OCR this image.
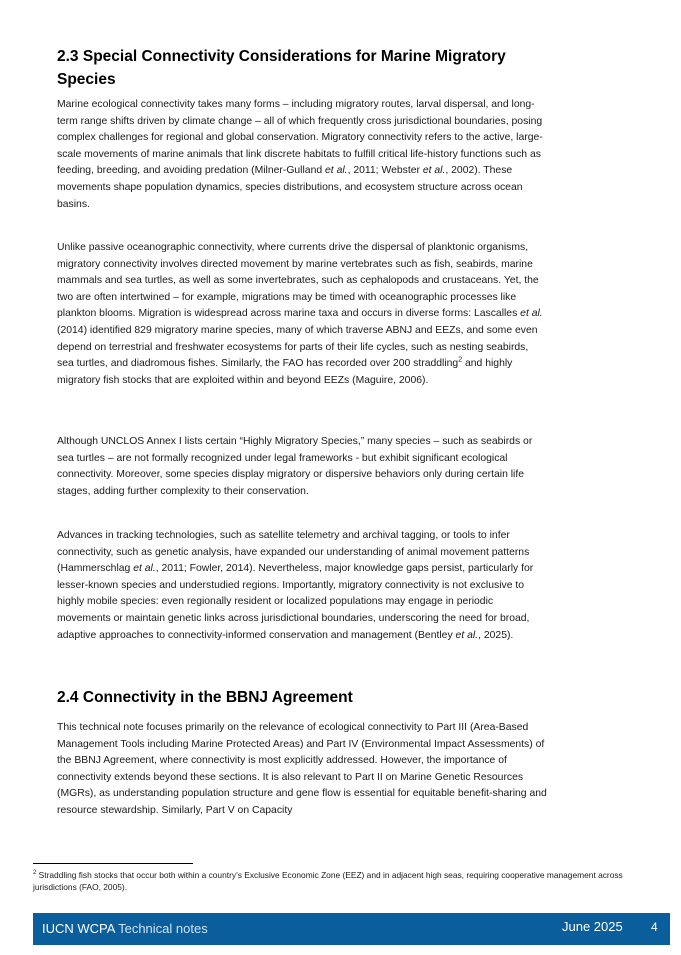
2.3 Special Connectivity Considerations for Marine Migratory Species

Marine ecological connectivity takes many forms – including migratory routes, larval dispersal, and long-term range shifts driven by climate change – all of which frequently cross jurisdictional boundaries, posing complex challenges for regional and global conservation. Migratory connectivity refers to the active, large-scale movements of marine animals that link discrete habitats to fulfill critical life-history functions such as feeding, breeding, and avoiding predation (Milner-Gulland et al., 2011; Webster et al., 2002). These movements shape population dynamics, species distributions, and ecosystem structure across ocean basins.

Unlike passive oceanographic connectivity, where currents drive the dispersal of planktonic organisms, migratory connectivity involves directed movement by marine vertebrates such as fish, seabirds, marine mammals and sea turtles, as well as some invertebrates, such as cephalopods and crustaceans. Yet, the two are often intertwined – for example, migrations may be timed with oceanographic processes like plankton blooms. Migration is widespread across marine taxa and occurs in diverse forms: Lascalles et al. (2014) identified 829 migratory marine species, many of which traverse ABNJ and EEZs, and some even depend on terrestrial and freshwater ecosystems for parts of their life cycles, such as nesting seabirds, sea turtles, and diadromous fishes. Similarly, the FAO has recorded over 200 straddling$^2$ and highly migratory fish stocks that are exploited within and beyond EEZs (Maguire, 2006).

Although UNCLOS Annex I lists certain “Highly Migratory Species,” many species – such as seabirds or sea turtles – are not formally recognized under legal frameworks - but exhibit significant ecological connectivity. Moreover, some species display migratory or dispersive behaviors only during certain life stages, adding further complexity to their conservation.

Advances in tracking technologies, such as satellite telemetry and archival tagging, or tools to infer connectivity, such as genetic analysis, have expanded our understanding of animal movement patterns (Hammerschlag et al., 2011; Fowler, 2014). Nevertheless, major knowledge gaps persist, particularly for lesser-known species and understudied regions. Importantly, migratory connectivity is not exclusive to highly mobile species: even regionally resident or localized populations may engage in periodic movements or maintain genetic links across jurisdictional boundaries, underscoring the need for broad, adaptive approaches to connectivity-informed conservation and management (Bentley et al., 2025).

2.4 Connectivity in the BBNJ Agreement

This technical note focuses primarily on the relevance of ecological connectivity to Part III (Area-Based Management Tools including Marine Protected Areas) and Part IV (Environmental Impact Assessments) of the BBNJ Agreement, where connectivity is most explicitly addressed. However, the importance of connectivity extends beyond these sections. It is also relevant to Part II on Marine Genetic Resources (MGRs), as understanding population structure and gene flow is essential for equitable benefit-sharing and resource stewardship. Similarly, Part V on Capacity

$^2$ Straddling fish stocks that occur both within a country’s Exclusive Economic Zone (EEZ) and in adjacent high seas, requiring cooperative management across jurisdictions (FAO, 2005).

IUCN WCPA Technical notes	June 2025 4
